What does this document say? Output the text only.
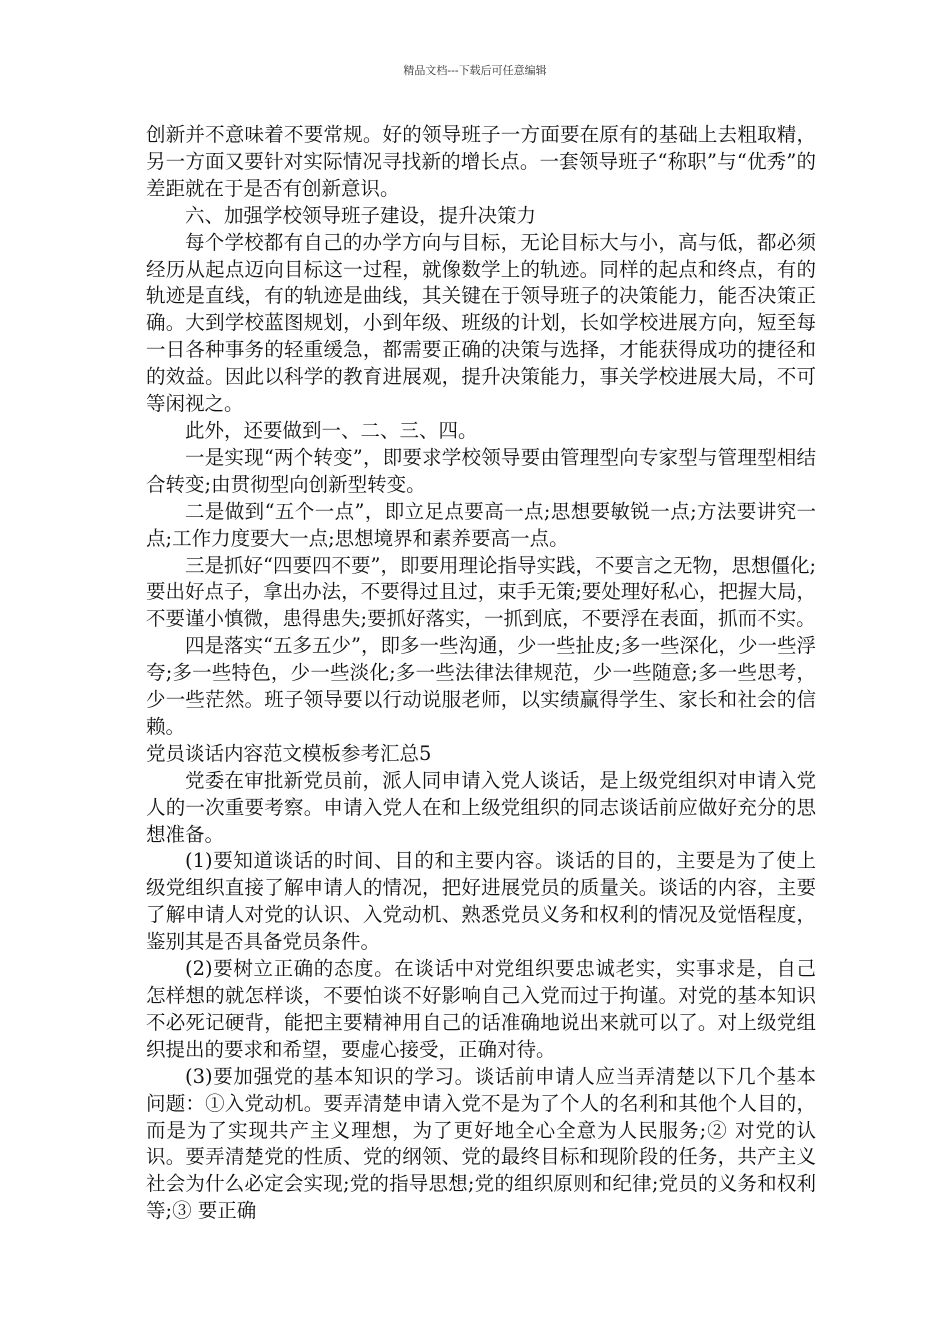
精品文档---下载后可任意编辑

创新并不意味着不要常规。好的领导班子一方面要在原有的基础上去粗取精，另一方面又要针对实际情况寻找新的增长点。一套领导班子“称职”与“优秀”的差距就在于是否有创新意识。

六、加强学校领导班子建设，提升决策力

每个学校都有自己的办学方向与目标，无论目标大与小，高与低，都必须经历从起点迈向目标这一过程，就像数学上的轨迹。同样的起点和终点，有的轨迹是直线，有的轨迹是曲线，其关键在于领导班子的决策能力，能否决策正确。大到学校蓝图规划，小到年级、班级的计划，长如学校进展方向，短至每一日各种事务的轻重缓急，都需要正确的决策与选择，才能获得成功的捷径和的效益。因此以科学的教育进展观，提升决策能力，事关学校进展大局，不可等闲视之。

此外，还要做到一、二、三、四。

一是实现“两个转变”，即要求学校领导要由管理型向专家型与管理型相结合转变;由贯彻型向创新型转变。

二是做到“五个一点”，即立足点要高一点;思想要敏锐一点;方法要讲究一点;工作力度要大一点;思想境界和素养要高一点。

三是抓好“四要四不要”，即要用理论指导实践，不要言之无物，思想僵化;要出好点子，拿出办法，不要得过且过，束手无策;要处理好私心，把握大局，不要谨小慎微，患得患失;要抓好落实，一抓到底，不要浮在表面，抓而不实。

四是落实“五多五少”，即多一些沟通，少一些扯皮;多一些深化，少一些浮夸;多一些特色，少一些淡化;多一些法律法律规范，少一些随意;多一些思考，少一些茫然。班子领导要以行动说服老师，以实绩赢得学生、家长和社会的信赖。

党员谈话内容范文模板参考汇总5

党委在审批新党员前，派人同申请入党人谈话，是上级党组织对申请入党人的一次重要考察。申请入党人在和上级党组织的同志谈话前应做好充分的思想准备。

(1)要知道谈话的时间、目的和主要内容。谈话的目的，主要是为了使上级党组织直接了解申请人的情况，把好进展党员的质量关。谈话的内容，主要了解申请人对党的认识、入党动机、熟悉党员义务和权利的情况及觉悟程度，鉴别其是否具备党员条件。

(2)要树立正确的态度。在谈话中对党组织要忠诚老实，实事求是，自己怎样想的就怎样谈，不要怕谈不好影响自己入党而过于拘谨。对党的基本知识不必死记硬背，能把主要精神用自己的话准确地说出来就可以了。对上级党组织提出的要求和希望，要虚心接受，正确对待。

(3)要加强党的基本知识的学习。谈话前申请人应当弄清楚以下几个基本问题：①入党动机。要弄清楚申请入党不是为了个人的名利和其他个人目的，而是为了实现共产主义理想，为了更好地全心全意为人民服务;② 对党的认识。要弄清楚党的性质、党的纲领、党的最终目标和现阶段的任务，共产主义社会为什么必定会实现;党的指导思想;党的组织原则和纪律;党员的义务和权利等;③ 要正确
